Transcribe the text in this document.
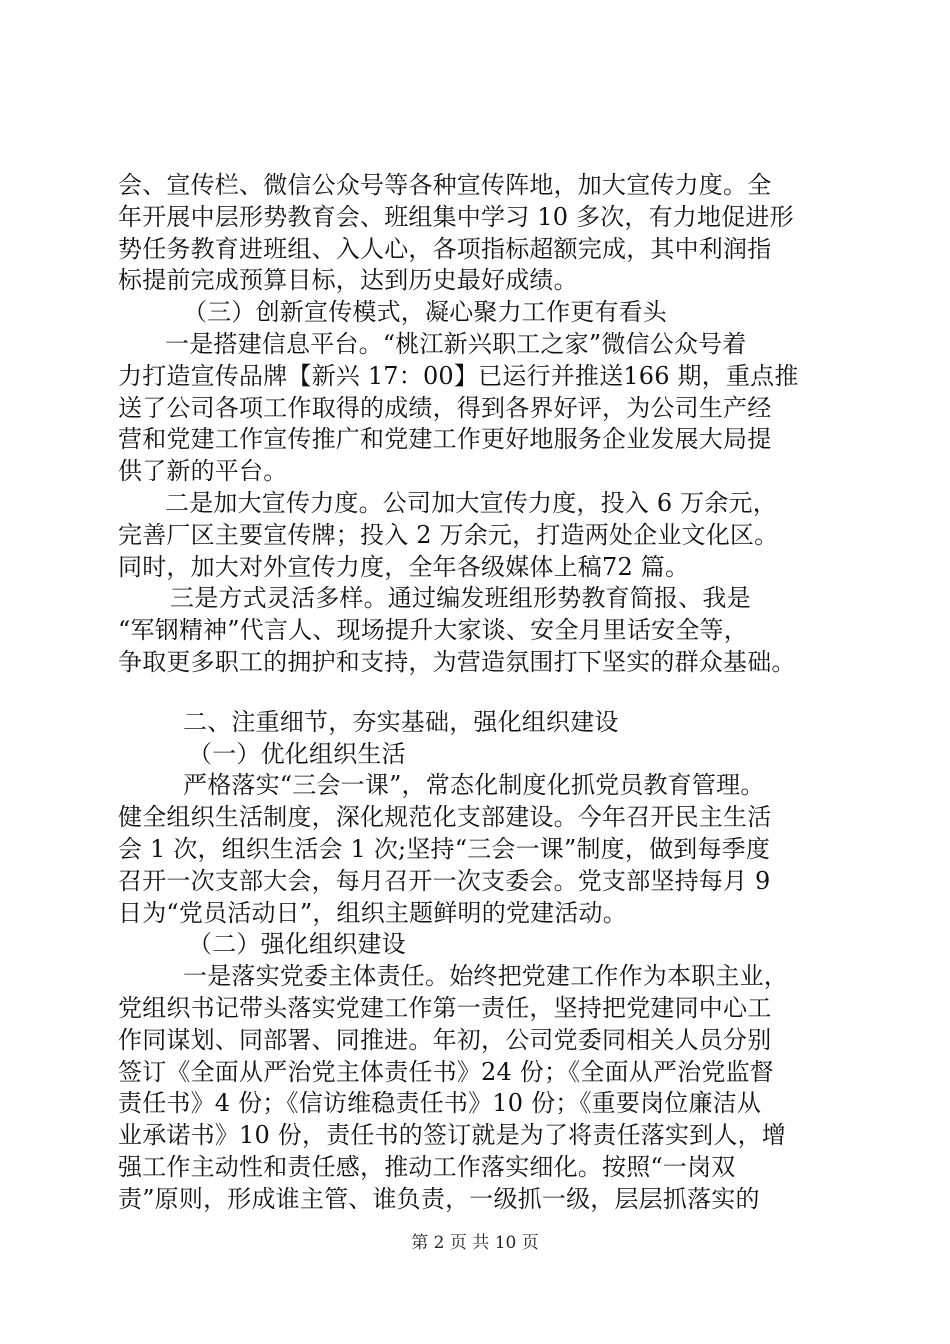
会、宣传栏、微信公众号等各种宣传阵地，加大宣传力度。全
年开展中层形势教育会、班组集中学习 10 多次，有力地促进形
势任务教育进班组、入人心，各项指标超额完成，其中利润指
标提前完成预算目标，达到历史最好成绩。
（三）创新宣传模式，凝心聚力工作更有看头
一是搭建信息平台。“桃江新兴职工之家”微信公众号着
力打造宣传品牌【新兴 17：00】已运行并推送166 期，重点推
送了公司各项工作取得的成绩，得到各界好评，为公司生产经
营和党建工作宣传推广和党建工作更好地服务企业发展大局提
供了新的平台。
二是加大宣传力度。公司加大宣传力度，投入 6 万余元，
完善厂区主要宣传牌；投入 2 万余元，打造两处企业文化区。
同时，加大对外宣传力度，全年各级媒体上稿72 篇。
三是方式灵活多样。通过编发班组形势教育简报、我是
“军钢精神”代言人、现场提升大家谈、安全月里话安全等，
争取更多职工的拥护和支持，为营造氛围打下坚实的群众基础。
二、注重细节，夯实基础，强化组织建设
（一）优化组织生活
严格落实“三会一课”，常态化制度化抓党员教育管理。
健全组织生活制度，深化规范化支部建设。今年召开民主生活
会 1 次，组织生活会 1 次;坚持“三会一课”制度，做到每季度
召开一次支部大会，每月召开一次支委会。党支部坚持每月 9
日为“党员活动日”，组织主题鲜明的党建活动。
（二）强化组织建设
一是落实党委主体责任。始终把党建工作作为本职主业，
党组织书记带头落实党建工作第一责任，坚持把党建同中心工
作同谋划、同部署、同推进。年初，公司党委同相关人员分别
签订《全面从严治党主体责任书》24 份；《全面从严治党监督
责任书》4 份；《信访维稳责任书》10 份；《重要岗位廉洁从
业承诺书》10 份，责任书的签订就是为了将责任落实到人，增
强工作主动性和责任感，推动工作落实细化。按照“一岗双
责”原则，形成谁主管、谁负责，一级抓一级，层层抓落实的
第 2 页 共 10 页
